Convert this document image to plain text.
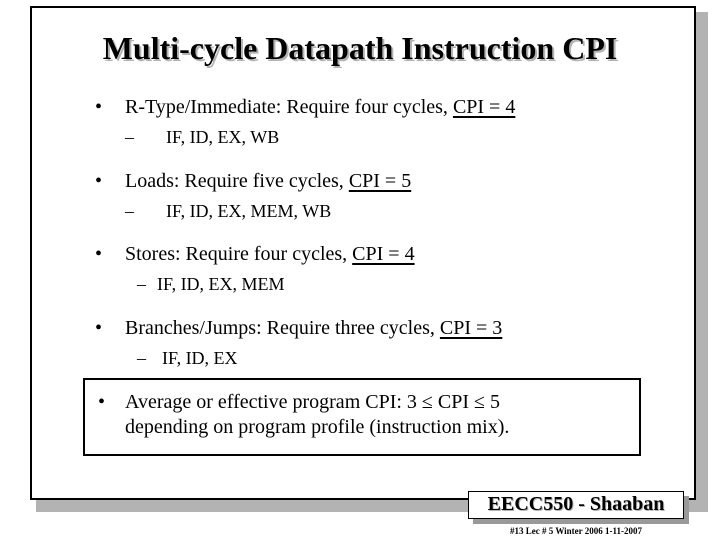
Multi-cycle Datapath Instruction CPI
• R-Type/Immediate: Require four cycles, CPI = 4
– IF, ID, EX, WB
• Loads: Require five cycles, CPI = 5
– IF, ID, EX, MEM, WB
• Stores: Require four cycles, CPI = 4
– IF, ID, EX, MEM
• Branches/Jumps: Require three cycles, CPI = 3
– IF, ID, EX
• Average or effective program CPI: 3 ≤ CPI ≤ 5
depending on program profile (instruction mix).
EECC550 - Shaaban
#13 Lec # 5 Winter 2006 1-11-2007
